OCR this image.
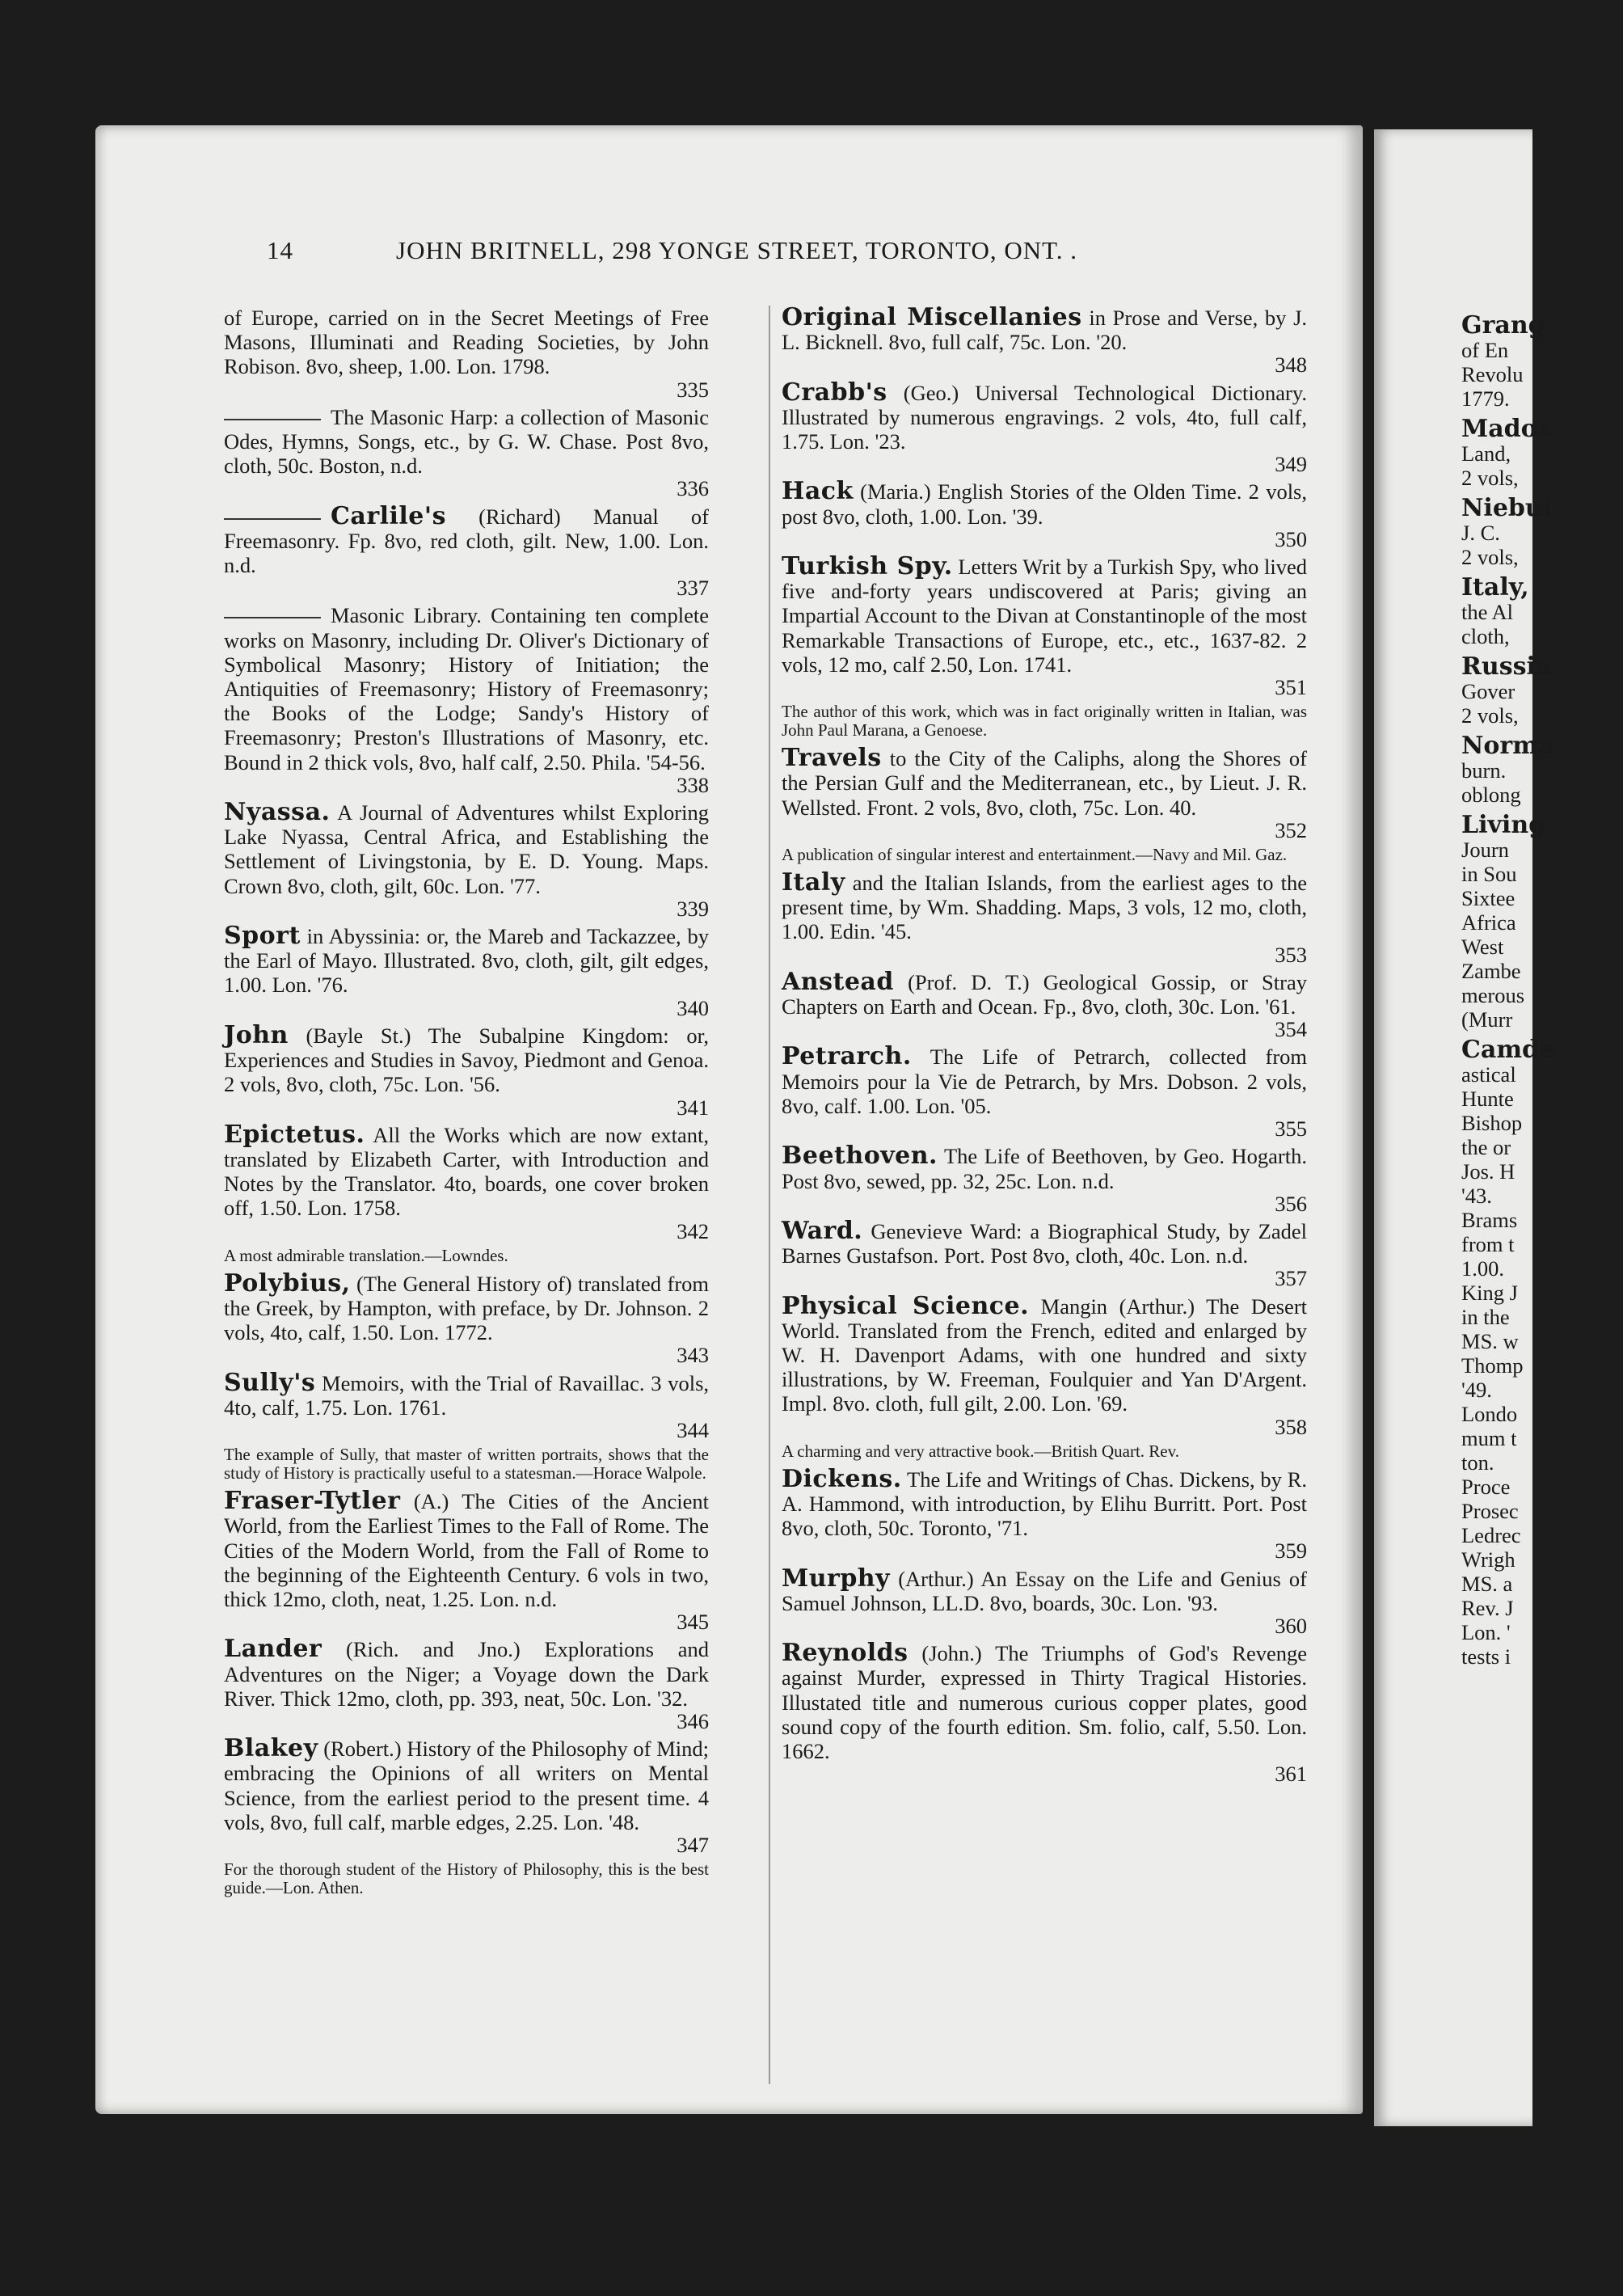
14	JOHN BRITNELL, 298 YONGE STREET, TORONTO, ONT. .
of Europe, carried on in the Secret Meetings of Free Masons, Illuminati and Reading Societies, by John Robison. 8vo, sheep, 1.00. Lon. 1798.
335
The Masonic Harp: a collection of Masonic Odes, Hymns, Songs, etc., by G. W. Chase. Post 8vo, cloth, 50c. Boston, n.d.
336
Carlile's (Richard) Manual of Freemasonry. Fp. 8vo, red cloth, gilt. New, 1.00. Lon. n.d.
337
Masonic Library. Containing ten complete works on Masonry, including Dr. Oliver's Dictionary of Symbolical Masonry; History of Initiation; the Antiquities of Freemasonry; History of Freemasonry; the Books of the Lodge; Sandy's History of Freemasonry; Preston's Illustrations of Masonry, etc. Bound in 2 thick vols, 8vo, half calf, 2.50. Phila. '54-56.
338
Nyassa. A Journal of Adventures whilst Exploring Lake Nyassa, Central Africa, and Establishing the Settlement of Livingstonia, by E. D. Young. Maps. Crown 8vo, cloth, gilt, 60c. Lon. '77.
339
Sport in Abyssinia: or, the Mareb and Tackazzee, by the Earl of Mayo. Illustrated. 8vo, cloth, gilt, gilt edges, 1.00. Lon. '76.
340
John (Bayle St.) The Subalpine Kingdom: or, Experiences and Studies in Savoy, Piedmont and Genoa. 2 vols, 8vo, cloth, 75c. Lon. '56.
341
Epictetus. All the Works which are now extant, translated by Elizabeth Carter, with Introduction and Notes by the Translator. 4to, boards, one cover broken off, 1.50. Lon. 1758.
342
A most admirable translation.—Lowndes.
Polybius, (The General History of) translated from the Greek, by Hampton, with preface, by Dr. Johnson. 2 vols, 4to, calf, 1.50. Lon. 1772.
343
Sully's Memoirs, with the Trial of Ravaillac. 3 vols, 4to, calf, 1.75. Lon. 1761.
344
The example of Sully, that master of written portraits, shows that the study of History is practically useful to a statesman.—Horace Walpole.
Fraser-Tytler (A.) The Cities of the Ancient World, from the Earliest Times to the Fall of Rome. The Cities of the Modern World, from the Fall of Rome to the beginning of the Eighteenth Century. 6 vols in two, thick 12mo, cloth, neat, 1.25. Lon. n.d.
345
Lander (Rich. and Jno.) Explorations and Adventures on the Niger; a Voyage down the Dark River. Thick 12mo, cloth, pp. 393, neat, 50c. Lon. '32.
346
Blakey (Robert.) History of the Philosophy of Mind; embracing the Opinions of all writers on Mental Science, from the earliest period to the present time. 4 vols, 8vo, full calf, marble edges, 2.25. Lon. '48.
347
For the thorough student of the History of Philosophy, this is the best guide.—Lon. Athen.
Original Miscellanies in Prose and Verse, by J. L. Bicknell. 8vo, full calf, 75c. Lon. '20.
348
Crabb's (Geo.) Universal Technological Dictionary. Illustrated by numerous engravings. 2 vols, 4to, full calf, 1.75. Lon. '23.
349
Hack (Maria.) English Stories of the Olden Time. 2 vols, post 8vo, cloth, 1.00. Lon. '39.
350
Turkish Spy. Letters Writ by a Turkish Spy, who lived five and-forty years undiscovered at Paris; giving an Impartial Account to the Divan at Constantinople of the most Remarkable Transactions of Europe, etc., etc., 1637-82. 2 vols, 12 mo, calf 2.50, Lon. 1741.
351
The author of this work, which was in fact originally written in Italian, was John Paul Marana, a Genoese.
Travels to the City of the Caliphs, along the Shores of the Persian Gulf and the Mediterranean, etc., by Lieut. J. R. Wellsted. Front. 2 vols, 8vo, cloth, 75c. Lon. 40.
352
A publication of singular interest and entertainment.—Navy and Mil. Gaz.
Italy and the Italian Islands, from the earliest ages to the present time, by Wm. Shadding. Maps, 3 vols, 12 mo, cloth, 1.00. Edin. '45.
353
Anstead (Prof. D. T.) Geological Gossip, or Stray Chapters on Earth and Ocean. Fp., 8vo, cloth, 30c. Lon. '61.
354
Petrarch. The Life of Petrarch, collected from Memoirs pour la Vie de Petrarch, by Mrs. Dobson. 2 vols, 8vo, calf. 1.00. Lon. '05.
355
Beethoven. The Life of Beethoven, by Geo. Hogarth. Post 8vo, sewed, pp. 32, 25c. Lon. n.d.
356
Ward. Genevieve Ward: a Biographical Study, by Zadel Barnes Gustafson. Port. Post 8vo, cloth, 40c. Lon. n.d.
357
Physical Science. Mangin (Arthur.) The Desert World. Translated from the French, edited and enlarged by W. H. Davenport Adams, with one hundred and sixty illustrations, by W. Freeman, Foulquier and Yan D'Argent. Impl. 8vo. cloth, full gilt, 2.00. Lon. '69.
358
A charming and very attractive book.—British Quart. Rev.
Dickens. The Life and Writings of Chas. Dickens, by R. A. Hammond, with introduction, by Elihu Burritt. Port. Post 8vo, cloth, 50c. Toronto, '71.
359
Murphy (Arthur.) An Essay on the Life and Genius of Samuel Johnson, LL.D. 8vo, boards, 30c. Lon. '93.
360
Reynolds (John.) The Triumphs of God's Revenge against Murder, expressed in Thirty Tragical Histories. Illustated title and numerous curious copper plates, good sound copy of the fourth edition. Sm. folio, calf, 5.50. Lon. 1662.
361
Grang
of En
Revolu
1779.
Madox
Land,
2 vols,
Niebul
J. C.
2 vols,
Italy,
the Al
cloth,
Russia
Gover
2 vols,
Norma
burn.
oblong
Living
Journ
in Sou
Sixtee
Africa
West
Zambe
merous
(Murr
Camde
astical
Hunte
Bishop
the or
Jos. H
'43.
Brams
from t
1.00.
King J
in the
MS. w
Thomp
'49.
Londo
mum t
ton.
Proce
Prosec
Ledrec
Wrigh
MS. a
Rev. J
Lon. '
tests i
